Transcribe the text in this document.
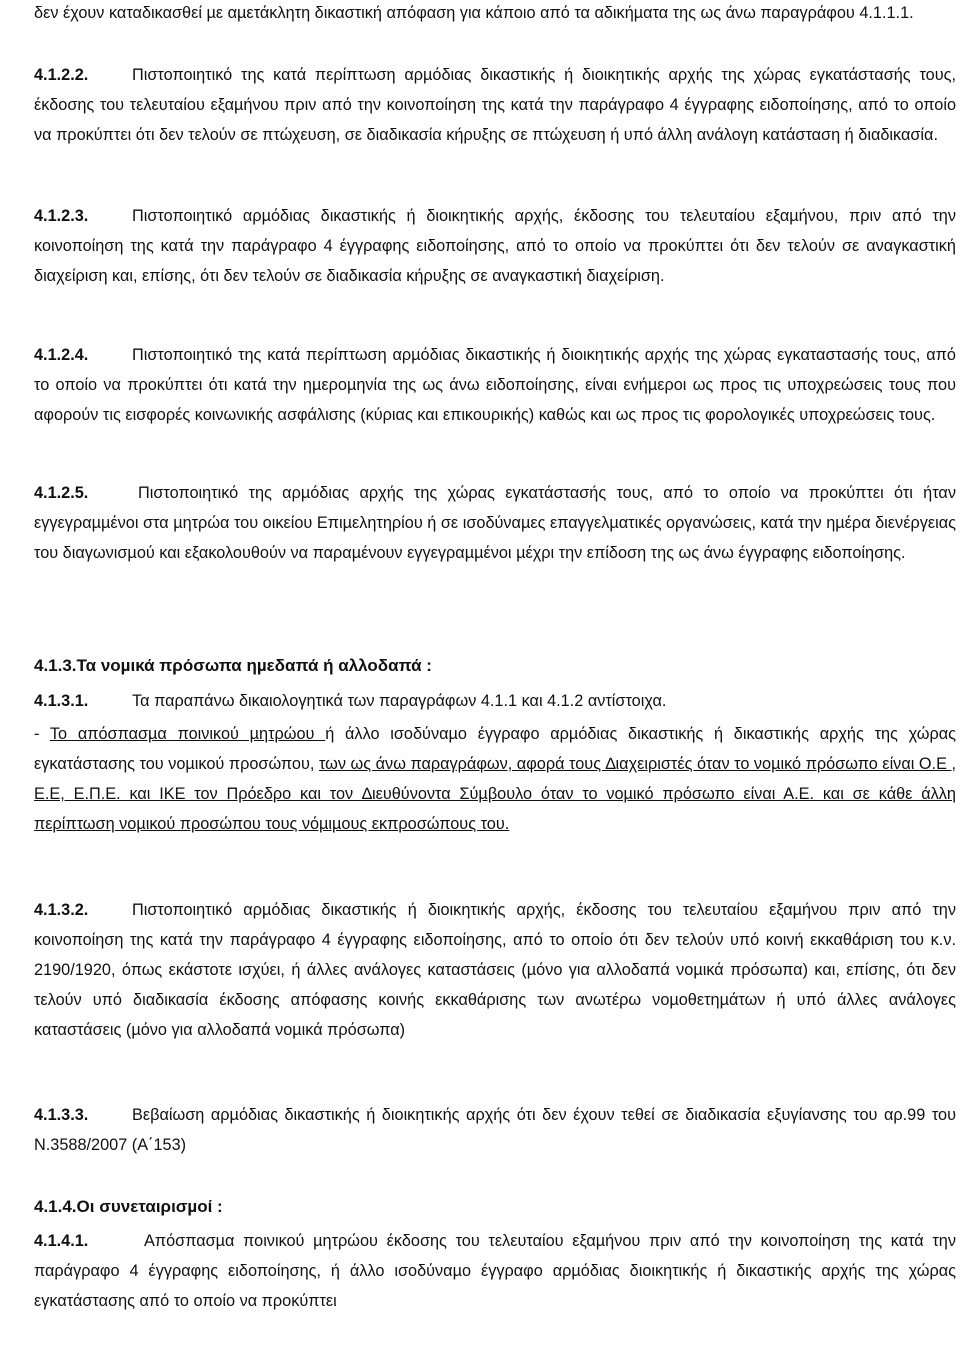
δεν έχουν καταδικασθεί µε αµετάκλητη δικαστική απόφαση για κάποιο από τα αδικήµατα της ως άνω παραγράφου 4.1.1.1.

4.1.2.2.	Πιστοποιητικό της κατά περίπτωση αρµόδιας δικαστικής ή διοικητικής αρχής της χώρας εγκατάστασής τους, έκδοσης του τελευταίου εξαµήνου πριν από την κοινοποίηση της κατά την παράγραφο 4 έγγραφης ειδοποίησης, από το οποίο να προκύπτει ότι δεν τελούν σε πτώχευση, σε διαδικασία κήρυξης σε πτώχευση ή υπό άλλη ανάλογη κατάσταση ή διαδικασία.

4.1.2.3.	Πιστοποιητικό αρµόδιας δικαστικής ή διοικητικής αρχής, έκδοσης του τελευταίου εξαµήνου, πριν από την κοινοποίηση της κατά την παράγραφο 4 έγγραφης ειδοποίησης, από το οποίο να προκύπτει ότι δεν τελούν σε αναγκαστική διαχείριση και, επίσης, ότι δεν τελούν σε διαδικασία κήρυξης σε αναγκαστική διαχείριση.

4.1.2.4.	Πιστοποιητικό της κατά περίπτωση αρµόδιας δικαστικής ή διοικητικής αρχής της χώρας εγκαταστασής τους, από το οποίο να προκύπτει ότι κατά την ηµεροµηνία της ως άνω ειδοποίησης, είναι ενήµεροι ως προς τις υποχρεώσεις τους που αφορούν τις εισφορές κοινωνικής ασφάλισης (κύριας και επικουρικής) καθώς και ως προς τις φορολογικές υποχρεώσεις τους.

4.1.2.5.	Πιστοποιητικό της αρµόδιας αρχής της χώρας εγκατάστασής τους, από το οποίο να προκύπτει ότι ήταν εγγεγραµµένοι στα µητρώα του οικείου Επιµελητηρίου ή σε ισοδύναµες επαγγελµατικές οργανώσεις, κατά την ηµέρα διενέργειας του διαγωνισµού και εξακολουθούν να παραµένουν εγγεγραµµένοι µέχρι την επίδοση της ως άνω έγγραφης ειδοποίησης.

4.1.3.Τα νοµικά πρόσωπα ηµεδαπά ή αλλοδαπά :

4.1.3.1.	Τα παραπάνω δικαιολογητικά των παραγράφων 4.1.1 και 4.1.2 αντίστοιχα.

- Το απόσπασµα ποινικού µητρώου ή άλλο ισοδύναµο έγγραφο αρµόδιας δικαστικής ή δικαστικής αρχής της χώρας εγκατάστασης του νοµικού προσώπου, των ως άνω παραγράφων, αφορά τους ∆ιαχειριστές όταν το νοµικό πρόσωπο είναι Ο.Ε , Ε.Ε, Ε.Π.Ε. και ΙΚΕ τον Πρόεδρο και τον ∆ιευθύνοντα Σύµβουλο όταν το νοµικό πρόσωπο είναι Α.Ε. και σε κάθε άλλη περίπτωση νοµικού προσώπου τους νόµιµους εκπροσώπους του.

4.1.3.2.	Πιστοποιητικό αρµόδιας δικαστικής ή διοικητικής αρχής, έκδοσης του τελευταίου εξαµήνου πριν από την κοινοποίηση της κατά την παράγραφο 4 έγγραφης ειδοποίησης, από το οποίο ότι δεν τελούν υπό κοινή εκκαθάριση του κ.ν. 2190/1920, όπως εκάστοτε ισχύει, ή άλλες ανάλογες καταστάσεις (µόνο για αλλοδαπά νοµικά πρόσωπα) και, επίσης, ότι δεν τελούν υπό διαδικασία έκδοσης απόφασης κοινής εκκαθάρισης των ανωτέρω νοµοθετηµάτων ή υπό άλλες ανάλογες καταστάσεις (µόνο για αλλοδαπά νοµικά πρόσωπα)

4.1.3.3.	Βεβαίωση αρµόδιας δικαστικής ή διοικητικής αρχής ότι δεν έχουν τεθεί σε διαδικασία εξυγίανσης του αρ.99 του Ν.3588/2007 (Α΄153)

4.1.4.Οι συνεταιρισµοί :

4.1.4.1.	Απόσπασµα ποινικού µητρώου έκδοσης του τελευταίου εξαµήνου πριν από την κοινοποίηση της κατά την παράγραφο 4 έγγραφης ειδοποίησης, ή άλλο ισοδύναµο έγγραφο αρµόδιας διοικητικής ή δικαστικής αρχής της χώρας εγκατάστασης από το οποίο να προκύπτει
